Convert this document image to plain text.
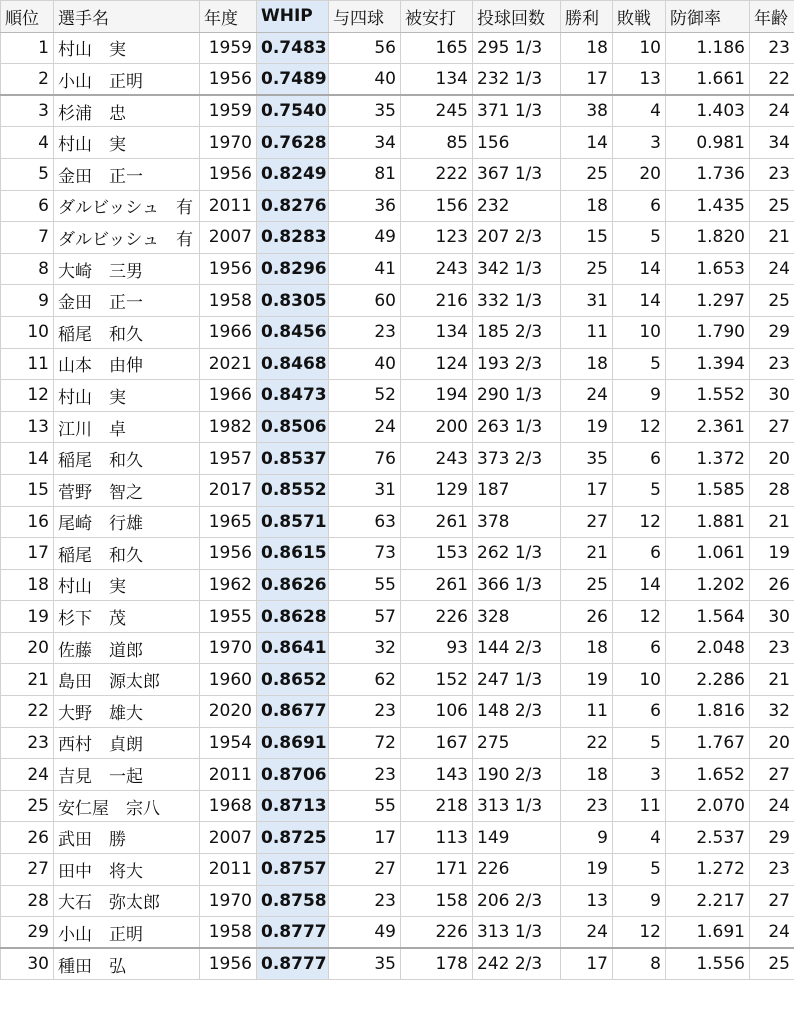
順位	選手名	年度	WHIP	与四球	被安打	投球回数	勝利	敗戦	防御率	年齢
1	村山　実	1959	0.7483	56	165	295 1/3	18	10	1.186	23
2	小山　正明	1956	0.7489	40	134	232 1/3	17	13	1.661	22
3	杉浦　忠	1959	0.7540	35	245	371 1/3	38	4	1.403	24
4	村山　実	1970	0.7628	34	85	156	14	3	0.981	34
5	金田　正一	1956	0.8249	81	222	367 1/3	25	20	1.736	23
6	ダルビッシュ　有	2011	0.8276	36	156	232	18	6	1.435	25
7	ダルビッシュ　有	2007	0.8283	49	123	207 2/3	15	5	1.820	21
8	大崎　三男	1956	0.8296	41	243	342 1/3	25	14	1.653	24
9	金田　正一	1958	0.8305	60	216	332 1/3	31	14	1.297	25
10	稲尾　和久	1966	0.8456	23	134	185 2/3	11	10	1.790	29
11	山本　由伸	2021	0.8468	40	124	193 2/3	18	5	1.394	23
12	村山　実	1966	0.8473	52	194	290 1/3	24	9	1.552	30
13	江川　卓	1982	0.8506	24	200	263 1/3	19	12	2.361	27
14	稲尾　和久	1957	0.8537	76	243	373 2/3	35	6	1.372	20
15	菅野　智之	2017	0.8552	31	129	187	17	5	1.585	28
16	尾崎　行雄	1965	0.8571	63	261	378	27	12	1.881	21
17	稲尾　和久	1956	0.8615	73	153	262 1/3	21	6	1.061	19
18	村山　実	1962	0.8626	55	261	366 1/3	25	14	1.202	26
19	杉下　茂	1955	0.8628	57	226	328	26	12	1.564	30
20	佐藤　道郎	1970	0.8641	32	93	144 2/3	18	6	2.048	23
21	島田　源太郎	1960	0.8652	62	152	247 1/3	19	10	2.286	21
22	大野　雄大	2020	0.8677	23	106	148 2/3	11	6	1.816	32
23	西村　貞朗	1954	0.8691	72	167	275	22	5	1.767	20
24	吉見　一起	2011	0.8706	23	143	190 2/3	18	3	1.652	27
25	安仁屋　宗八	1968	0.8713	55	218	313 1/3	23	11	2.070	24
26	武田　勝	2007	0.8725	17	113	149	9	4	2.537	29
27	田中　将大	2011	0.8757	27	171	226	19	5	1.272	23
28	大石　弥太郎	1970	0.8758	23	158	206 2/3	13	9	2.217	27
29	小山　正明	1958	0.8777	49	226	313 1/3	24	12	1.691	24
30	種田　弘	1956	0.8777	35	178	242 2/3	17	8	1.556	25
